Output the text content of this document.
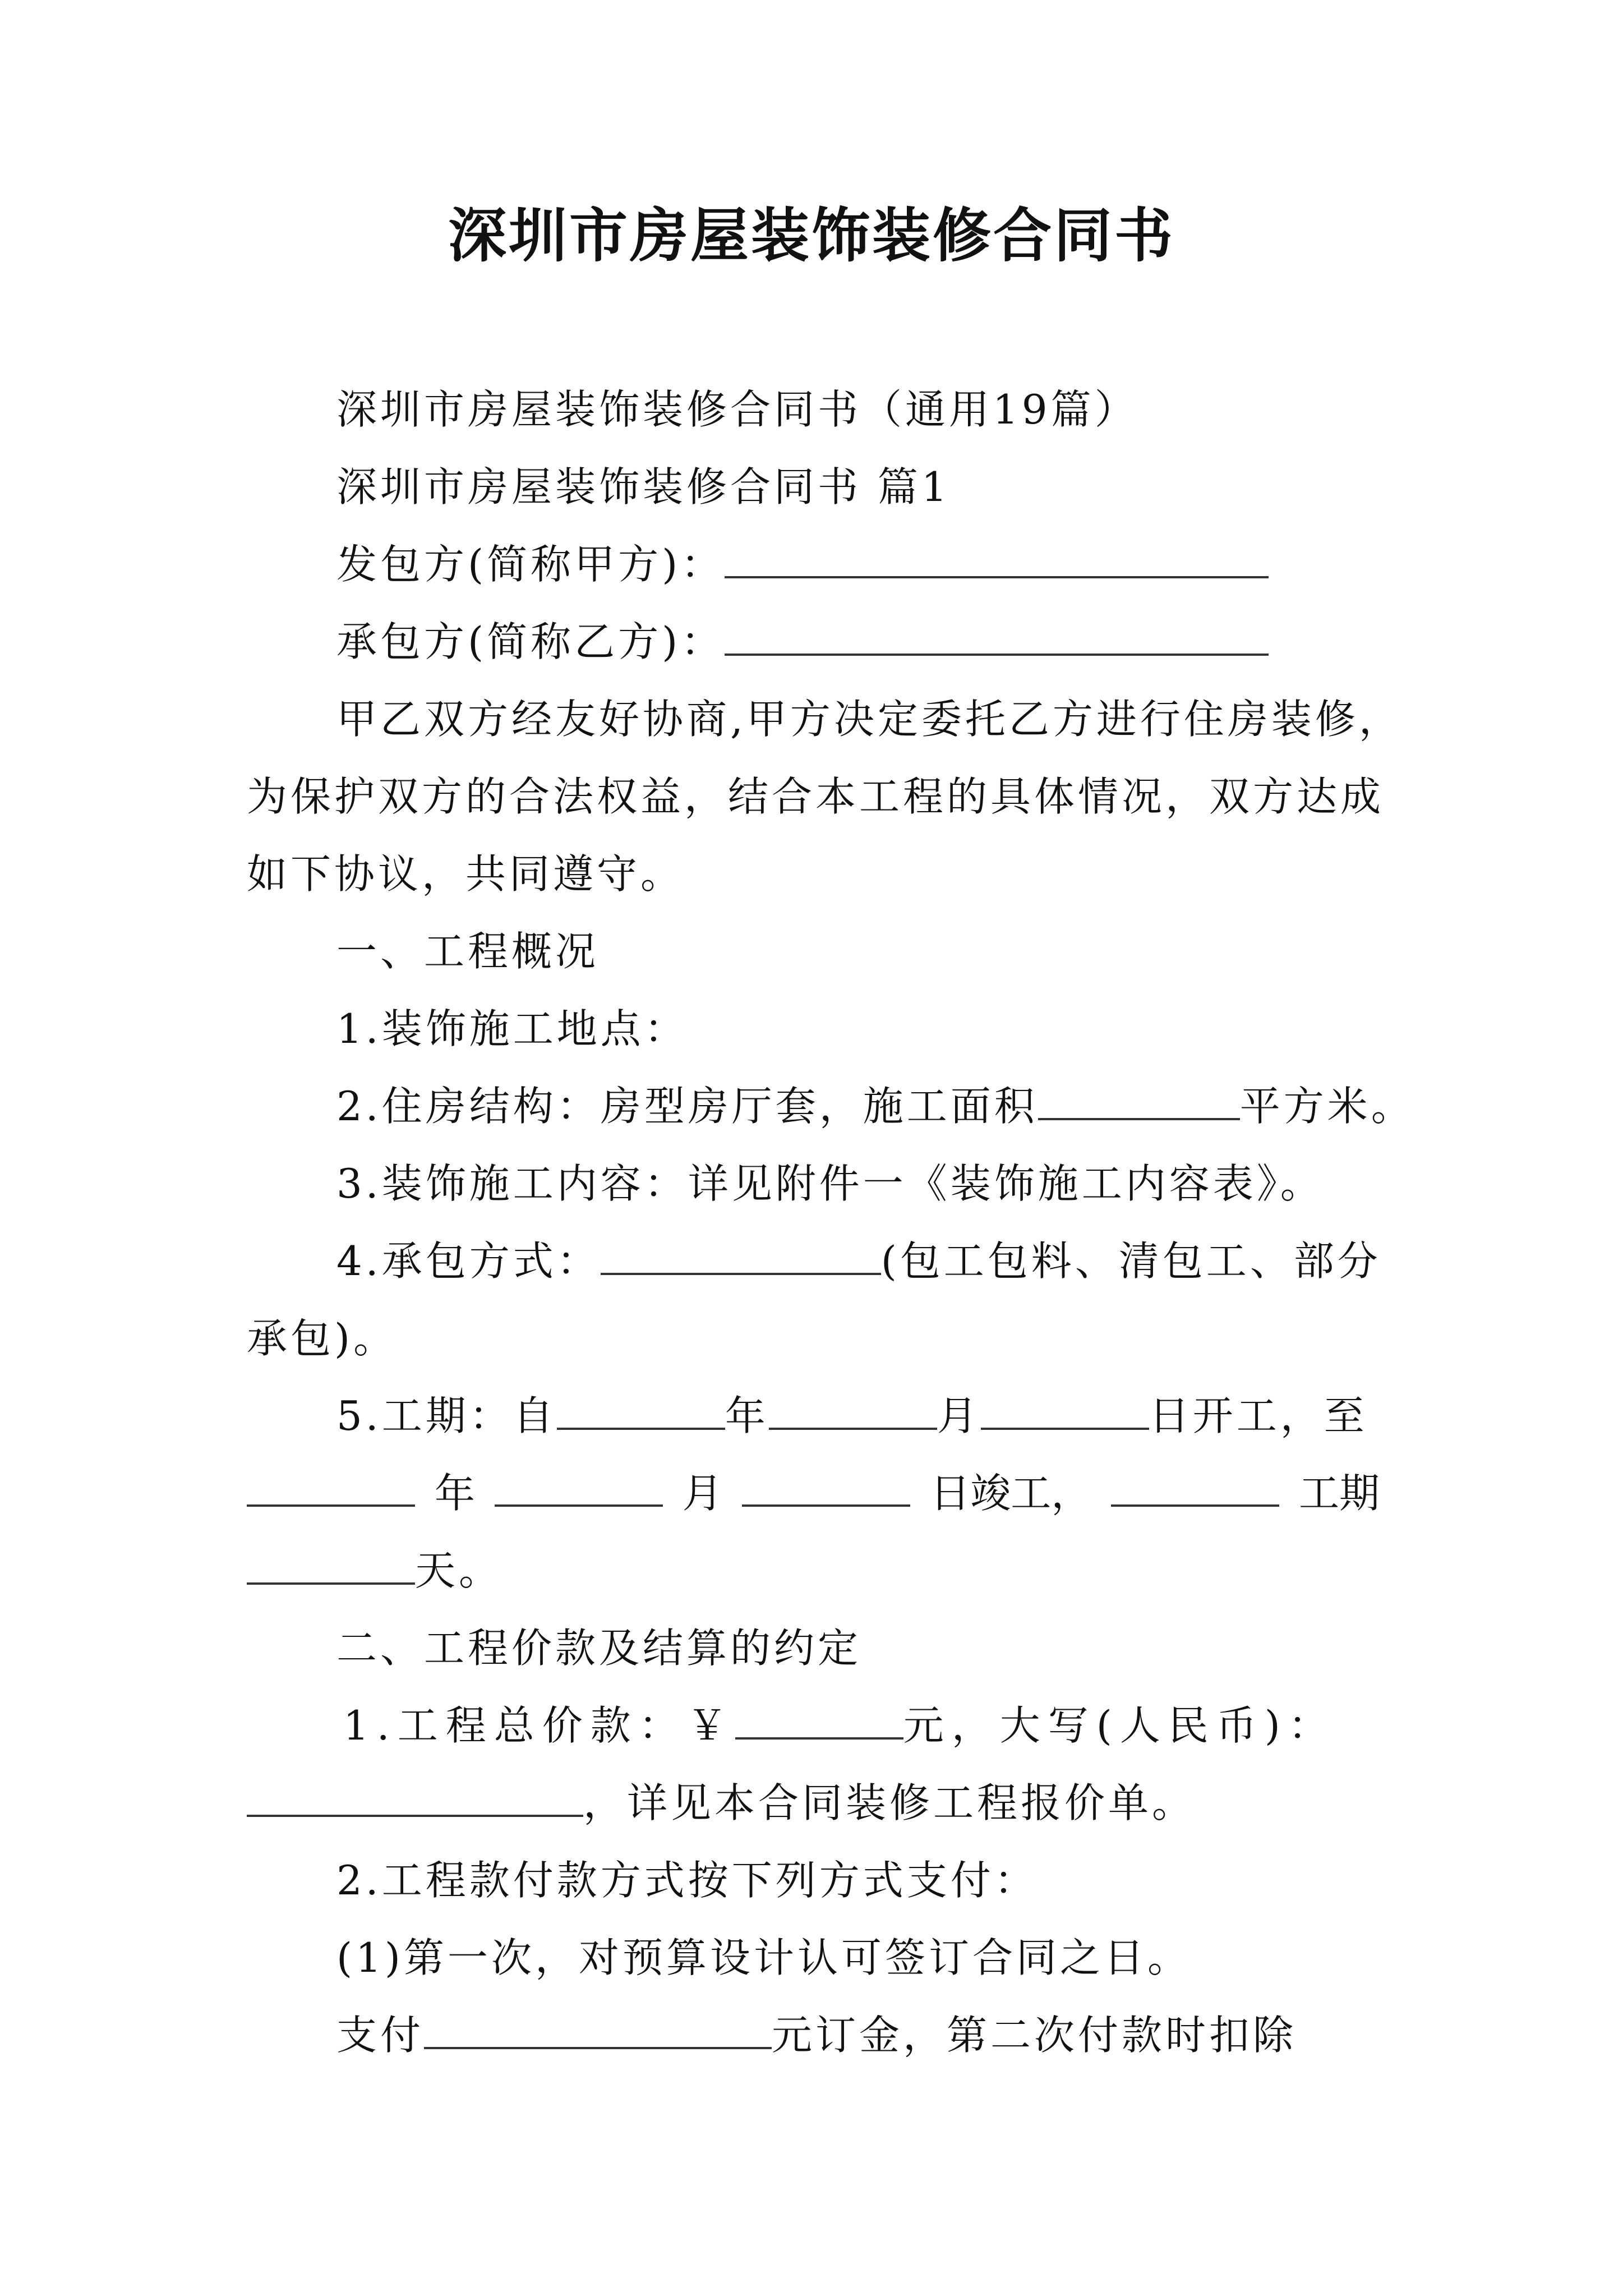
深圳市房屋装饰装修合同书
深圳市房屋装饰装修合同书（通用19篇）
深圳市房屋装饰装修合同书 篇1
发包方(简称甲方)：
承包方(简称乙方)：
甲乙双方经友好协商,甲方决定委托乙方进行住房装修，
为保护双方的合法权益，结合本工程的具体情况，双方达成
如下协议，共同遵守。
一、工程概况
1.装饰施工地点：
2.住房结构：房型房厅套，施工面积	平方米。
3.装饰施工内容：详见附件一《装饰施工内容表》。
4.承包方式：	(包工包料、清包工、部分
承包)。
5.工期：自	年	月	日开工，至
年	月	日竣工，	工期
天。
二、工程价款及结算的约定
1.工程总价款：￥	元，大写(人民币)：
，详见本合同装修工程报价单。
2.工程款付款方式按下列方式支付：
(1)第一次，对预算设计认可签订合同之日。
支付	元订金，第二次付款时扣除
